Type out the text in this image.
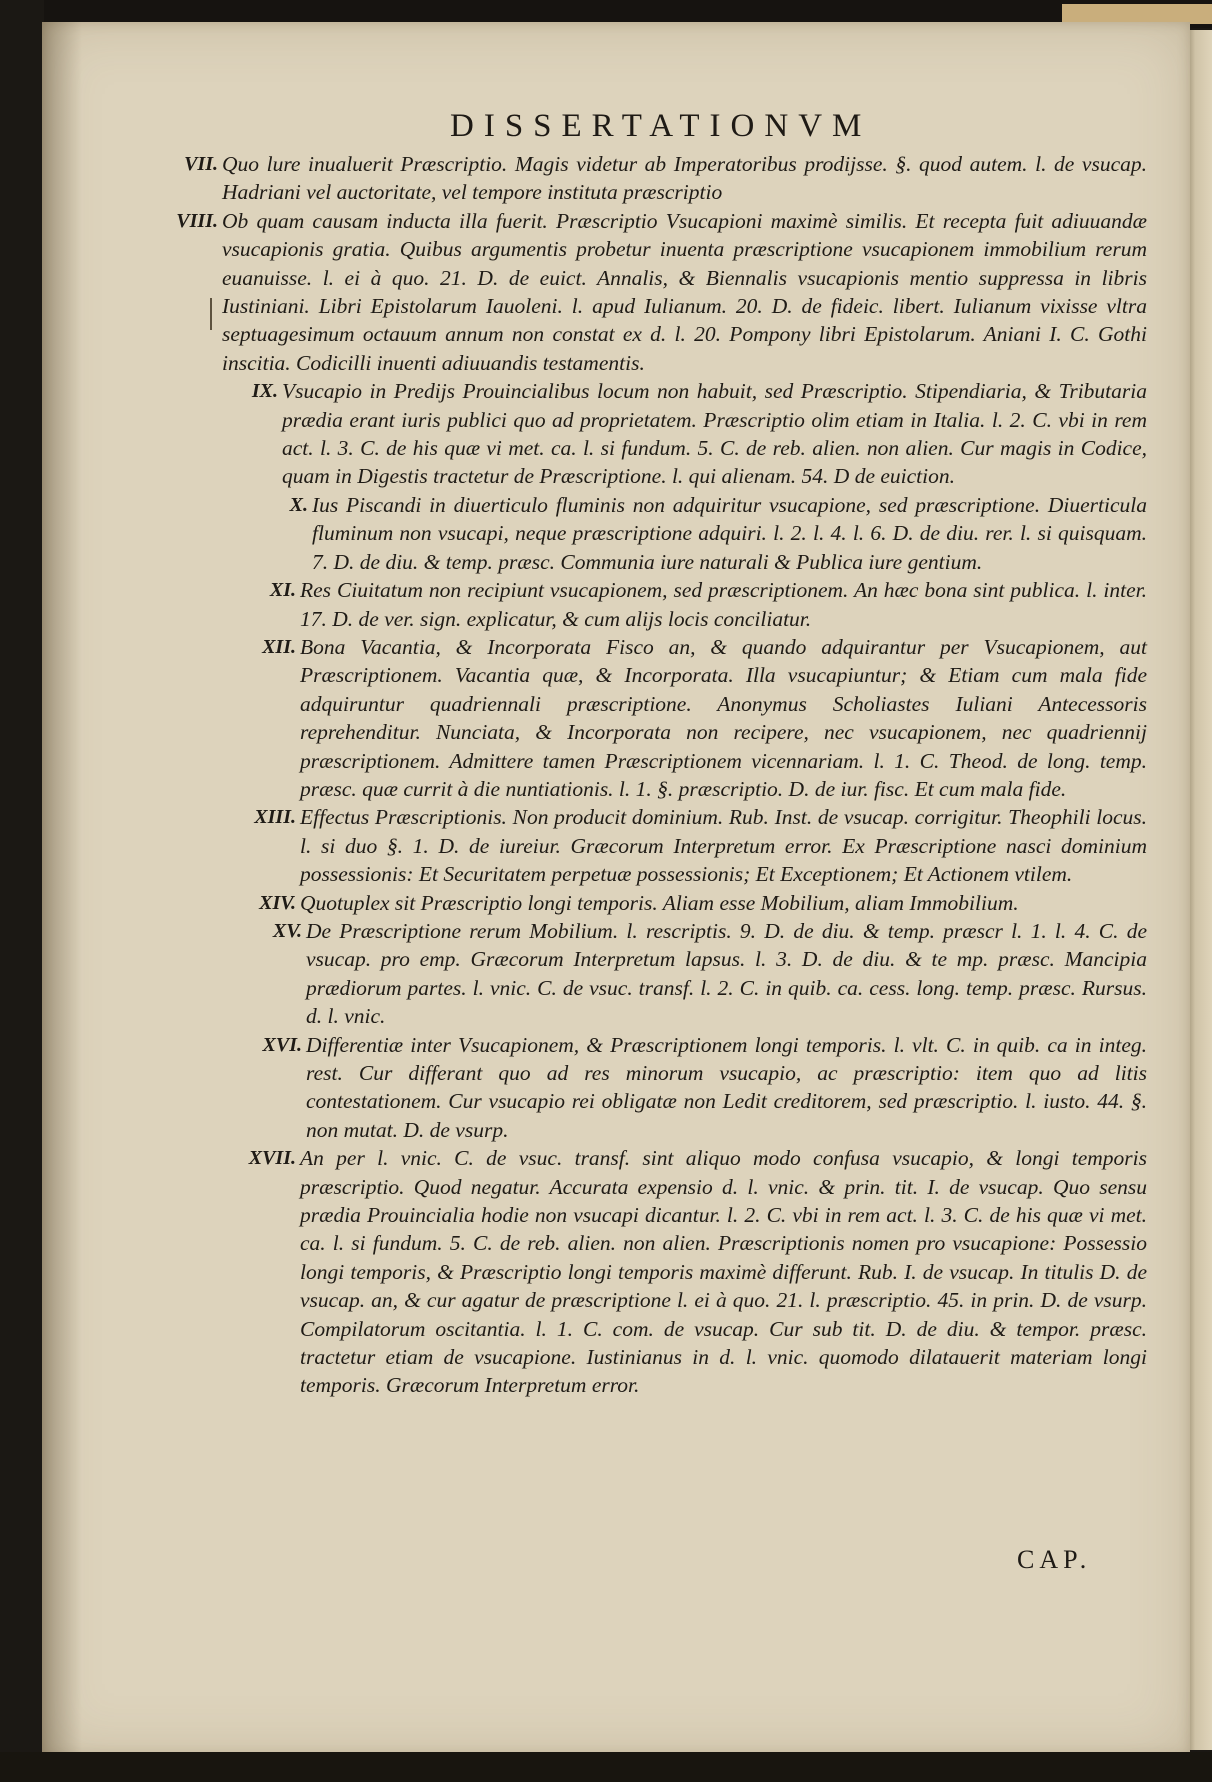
DISSERTATIONVM
VII. Quo lure inualuerit Præscriptio. Magis videtur ab Imperatoribus prodijsse. §. quod autem. l. de vsucap. Hadriani vel auctoritate, vel tempore instituta præscriptio
VIII. Ob quam causam inducta illa fuerit. Præscriptio Vsucapioni maximè similis. Et recepta fuit adiuuandæ vsucapionis gratia. Quibus argumentis probetur inuenta præscriptione vsucapionem immobilium rerum euanuisse. l. ei à quo. 21. D. de euict. Annalis, & Biennalis vsucapionis mentio suppressa in libris Iustiniani. Libri Epistolarum Iauoleni. l. apud Iulianum. 20. D. de fideic. libert. Iulianum vixisse vltra septuagesimum octauum annum non constat ex d. l. 20. Pompony libri Epistolarum. Aniani I. C. Gothi inscitia. Codicilli inuenti adiuuandis testamentis.
IX. Vsucapio in Predijs Prouincialibus locum non habuit, sed Præscriptio. Stipendiaria, & Tributaria prædia erant iuris publici quo ad proprietatem. Præscriptio olim etiam in Italia. l. 2. C. vbi in rem act. l. 3. C. de his quæ vi met. ca. l. si fundum. 5. C. de reb. alien. non alien. Cur magis in Codice, quam in Digestis tractetur de Præscriptione. l. qui alienam. 54. D de euiction.
X. Ius Piscandi in diuerticulo fluminis non adquiritur vsucapione, sed præscriptione. Diuerticula fluminum non vsucapi, neque præscriptione adquiri. l. 2. l. 4. l. 6. D. de diu. rer. l. si quisquam. 7. D. de diu. & temp. præsc. Communia iure naturali & Publica iure gentium.
XI. Res Ciuitatum non recipiunt vsucapionem, sed præscriptionem. An hæc bona sint publica. l. inter. 17. D. de ver. sign. explicatur, & cum alijs locis conciliatur.
XII. Bona Vacantia, & Incorporata Fisco an, & quando adquirantur per Vsucapionem, aut Præscriptionem. Vacantia quæ, & Incorporata. Illa vsucapiuntur; & Etiam cum mala fide adquiruntur quadriennali præscriptione. Anonymus Scholiastes Iuliani Antecessoris reprehenditur. Nunciata, & Incorporata non recipere, nec vsucapionem, nec quadriennij præscriptionem. Admittere tamen Præscriptionem vicennariam. l. 1. C. Theod. de long. temp. præsc. quæ currit à die nuntiationis. l. 1. §. præscriptio. D. de iur. fisc. Et cum mala fide.
XIII. Effectus Præscriptionis. Non producit dominium. Rub. Inst. de vsucap. corrigitur. Theophili locus. l. si duo §. 1. D. de iureiur. Græcorum Interpretum error. Ex Præscriptione nasci dominium possessionis: Et Securitatem perpetuæ possessionis; Et Exceptionem; Et Actionem vtilem.
XIV. Quotuplex sit Præscriptio longi temporis. Aliam esse Mobilium, aliam Immobilium.
XV. De Præscriptione rerum Mobilium. l. rescriptis. 9. D. de diu. & temp. præscr l. 1. l. 4. C. de vsucap. pro emp. Græcorum Interpretum lapsus. l. 3. D. de diu. & te mp. præsc. Mancipia prædiorum partes. l. vnic. C. de vsuc. transf. l. 2. C. in quib. ca. cess. long. temp. præsc. Rursus. d. l. vnic.
XVI. Differentiæ inter Vsucapionem, & Præscriptionem longi temporis. l. vlt. C. in quib. ca in integ. rest. Cur differant quo ad res minorum vsucapio, ac præscriptio: item quo ad litis contestationem. Cur vsucapio rei obligatæ non Ledit creditorem, sed præscriptio. l. iusto. 44. §. non mutat. D. de vsurp.
XVII. An per l. vnic. C. de vsuc. transf. sint aliquo modo confusa vsucapio, & longi temporis præscriptio. Quod negatur. Accurata expensio d. l. vnic. & prin. tit. I. de vsucap. Quo sensu prædia Prouincialia hodie non vsucapi dicantur. l. 2. C. vbi in rem act. l. 3. C. de his quæ vi met. ca. l. si fundum. 5. C. de reb. alien. non alien. Præscriptionis nomen pro vsucapione: Possessio longi temporis, & Præscriptio longi temporis maximè differunt. Rub. I. de vsucap. In titulis D. de vsucap. an, & cur agatur de præscriptione l. ei à quo. 21. l. præscriptio. 45. in prin. D. de vsurp. Compilatorum oscitantia. l. 1. C. com. de vsucap. Cur sub tit. D. de diu. & tempor. præsc. tractetur etiam de vsucapione. Iustinianus in d. l. vnic. quomodo dilatauerit materiam longi temporis. Græcorum Interpretum error.
CAP.
